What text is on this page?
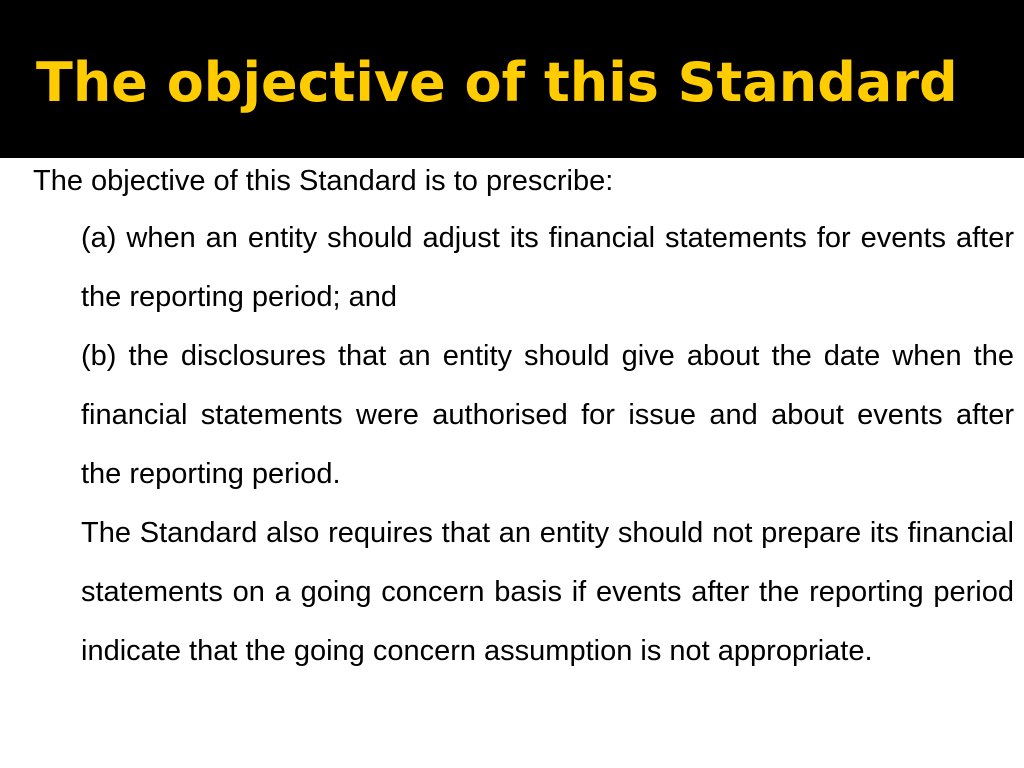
The objective of this Standard

The objective of this Standard is to prescribe:

(a) when an entity should adjust its financial statements for events after the reporting period; and

(b) the disclosures that an entity should give about the date when the financial statements were authorised for issue and about events after the reporting period.

The Standard also requires that an entity should not prepare its financial statements on a going concern basis if events after the reporting period indicate that the going concern assumption is not appropriate.
